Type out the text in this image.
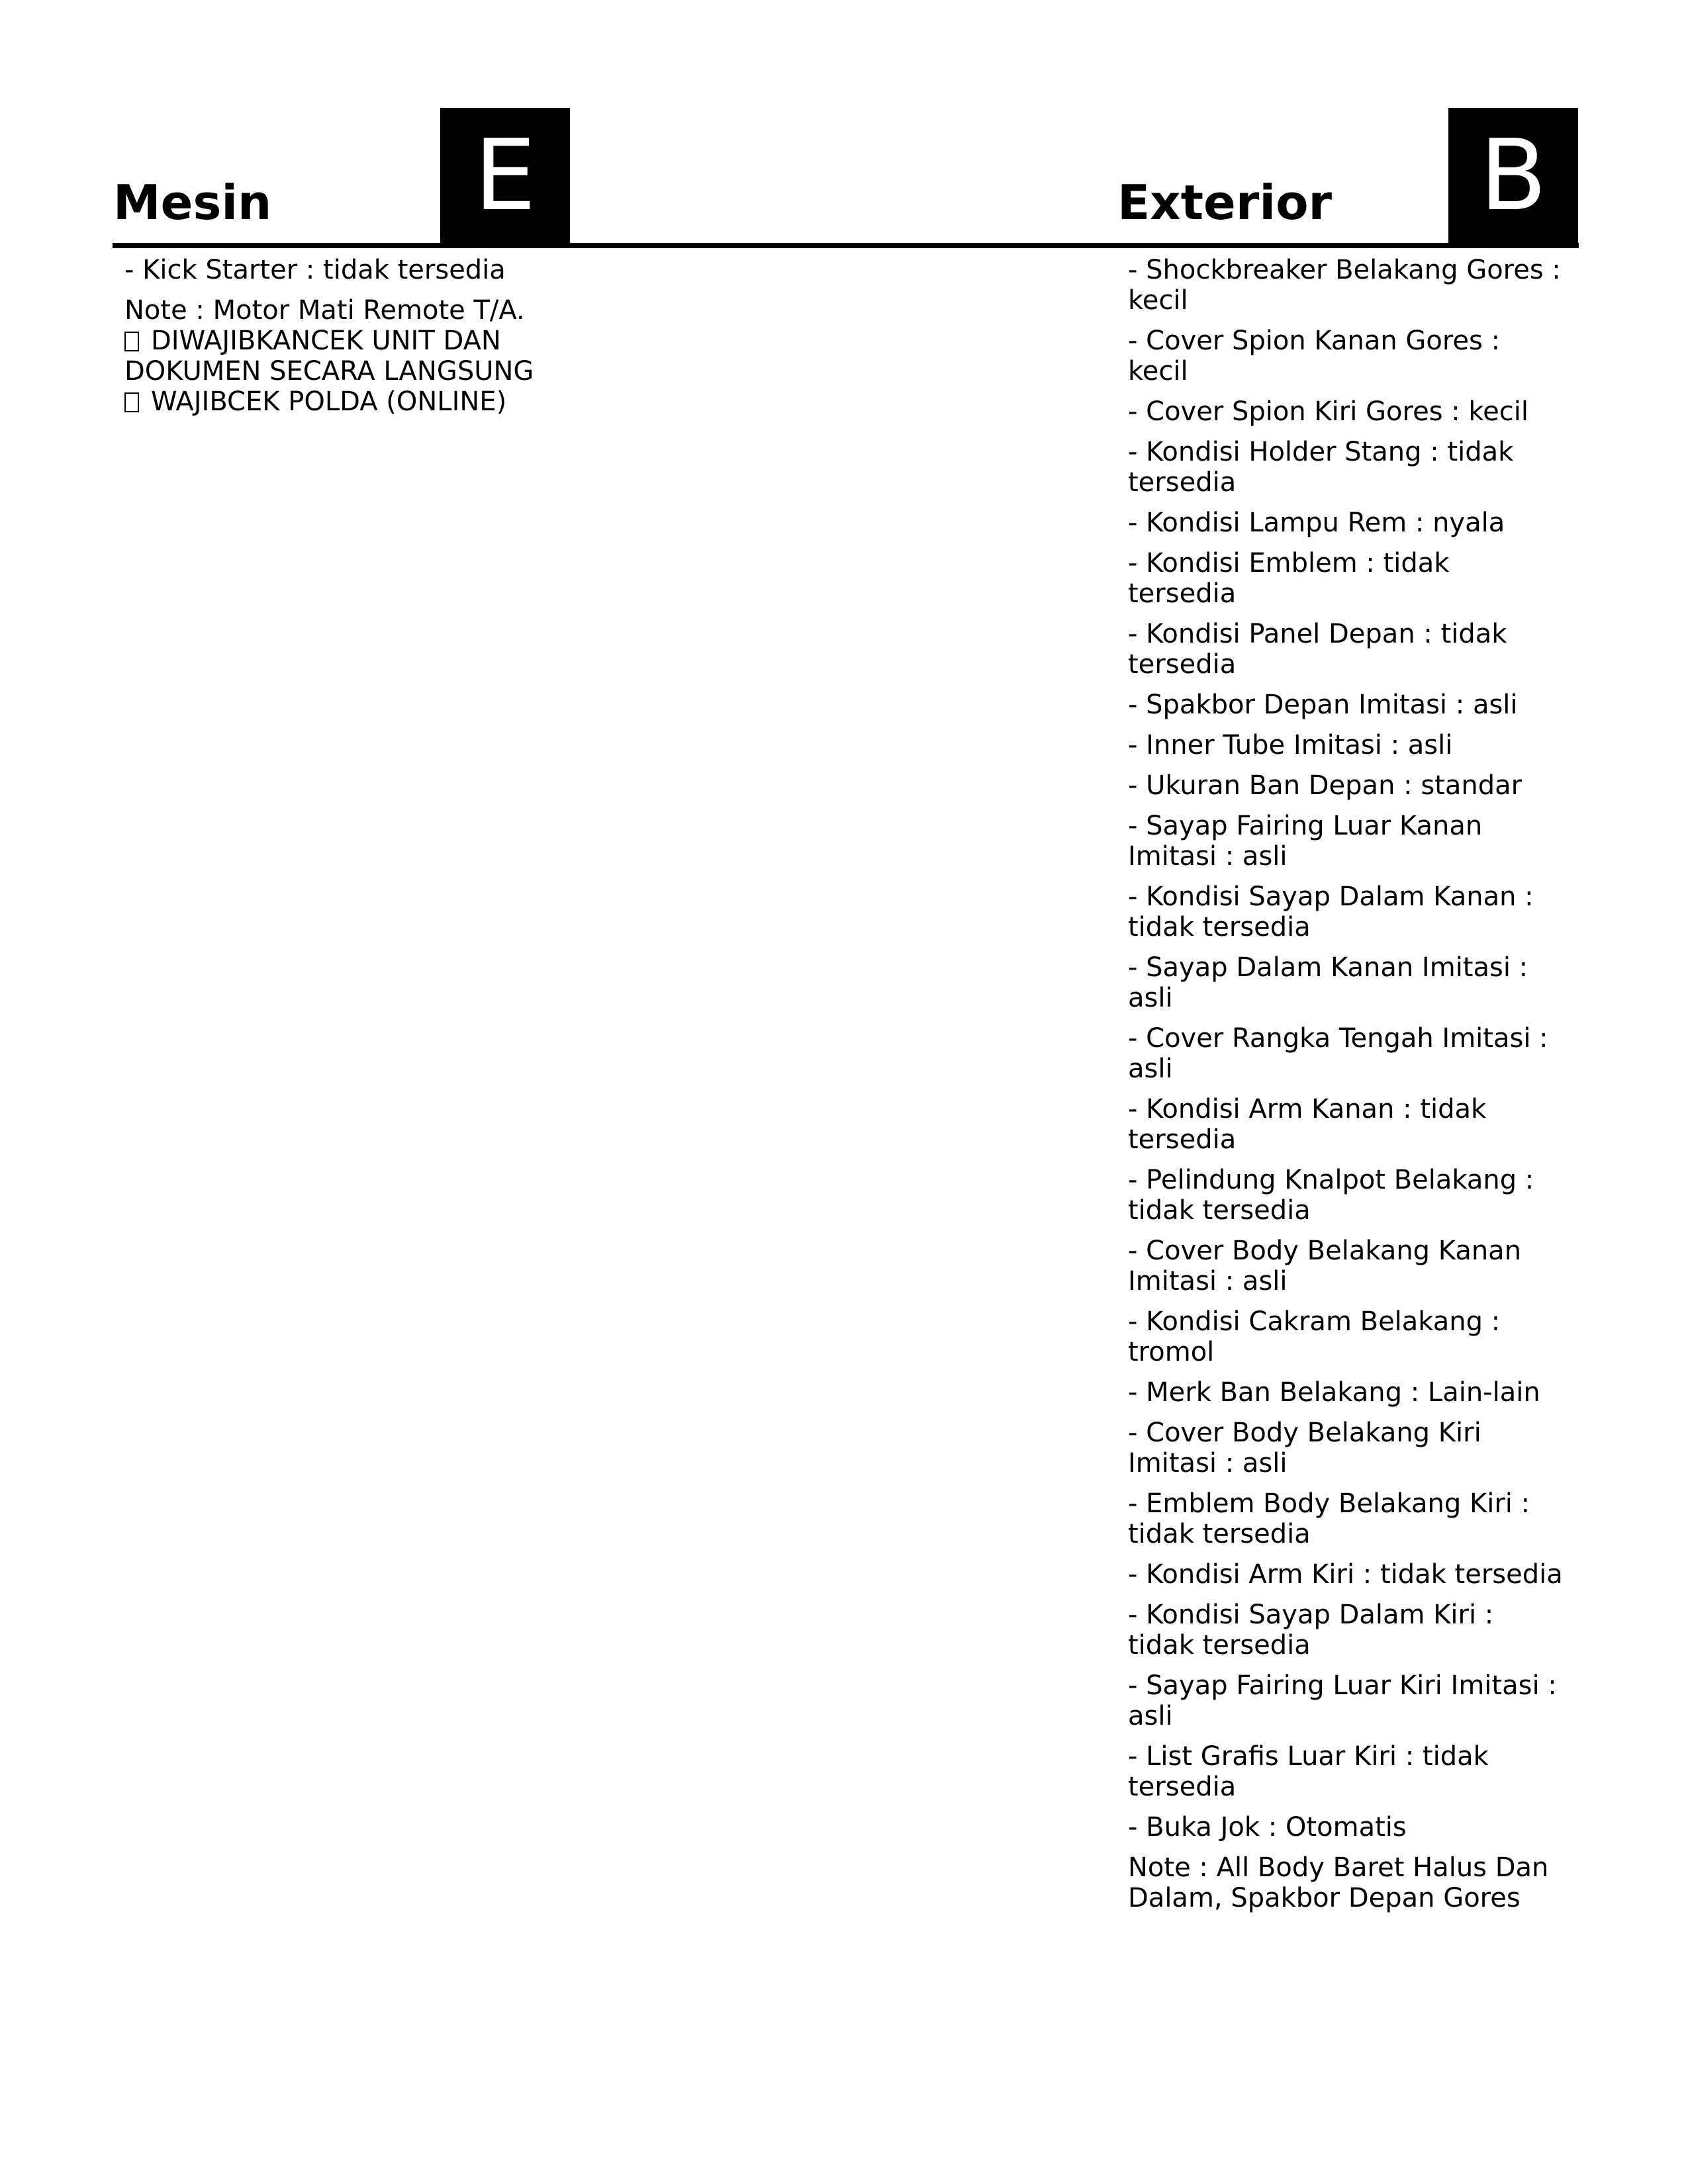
Mesin	E
- Kick Starter : tidak tersedia
Note : Motor Mati Remote T/A.
DIWAJIBKANCEK UNIT DAN
DOKUMEN SECARA LANGSUNG
WAJIBCEK POLDA (ONLINE)
Exterior	B
- Shockbreaker Belakang Gores : kecil
- Cover Spion Kanan Gores : kecil
- Cover Spion Kiri Gores : kecil
- Kondisi Holder Stang : tidak tersedia
- Kondisi Lampu Rem : nyala
- Kondisi Emblem : tidak tersedia
- Kondisi Panel Depan : tidak tersedia
- Spakbor Depan Imitasi : asli
- Inner Tube Imitasi : asli
- Ukuran Ban Depan : standar
- Sayap Fairing Luar Kanan Imitasi : asli
- Kondisi Sayap Dalam Kanan : tidak tersedia
- Sayap Dalam Kanan Imitasi : asli
- Cover Rangka Tengah Imitasi : asli
- Kondisi Arm Kanan : tidak tersedia
- Pelindung Knalpot Belakang : tidak tersedia
- Cover Body Belakang Kanan Imitasi : asli
- Kondisi Cakram Belakang : tromol
- Merk Ban Belakang : Lain-lain
- Cover Body Belakang Kiri Imitasi : asli
- Emblem Body Belakang Kiri : tidak tersedia
- Kondisi Arm Kiri : tidak tersedia
- Kondisi Sayap Dalam Kiri : tidak tersedia
- Sayap Fairing Luar Kiri Imitasi : asli
- List Grafis Luar Kiri : tidak tersedia
- Buka Jok : Otomatis
Note : All Body Baret Halus Dan Dalam, Spakbor Depan Gores
